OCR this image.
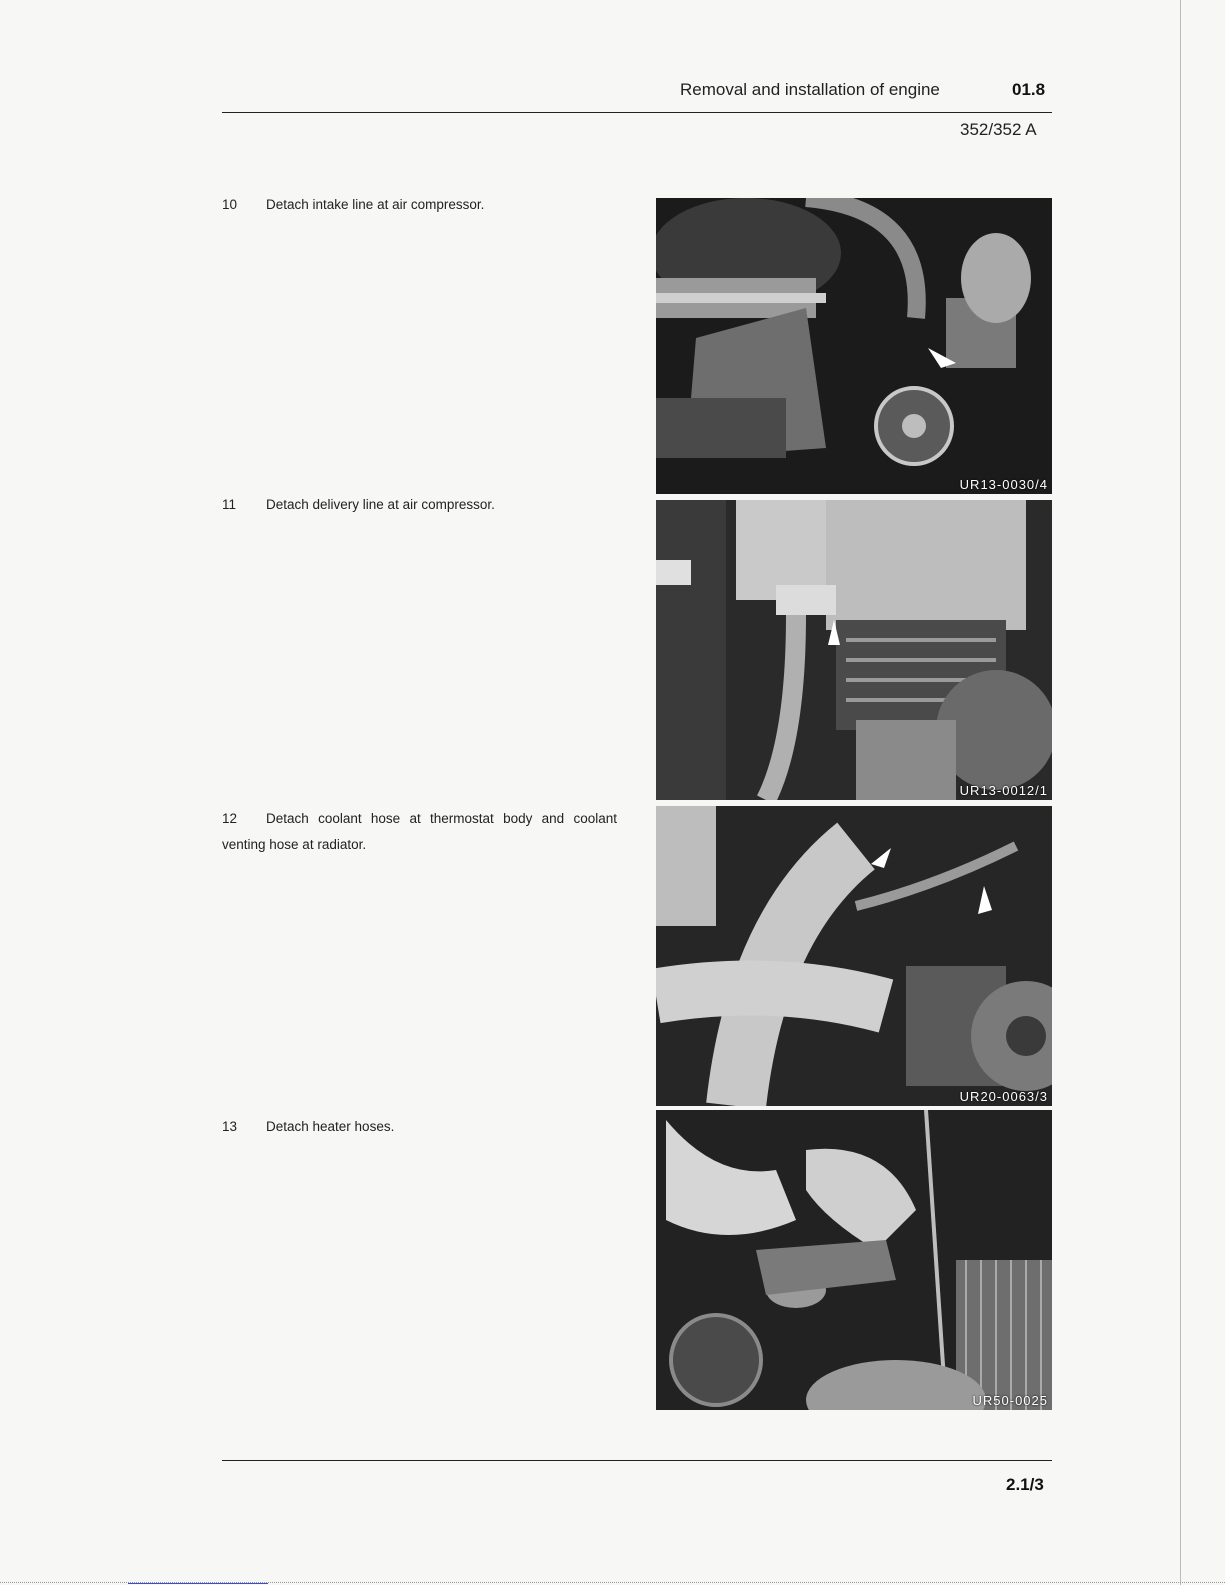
Removal and installation of engine	01.8
352/352 A
10 Detach intake line at air compressor.
UR13-0030/4
11 Detach delivery line at air compressor.
UR13-0012/1
12 Detach coolant hose at thermostat body and coolant venting hose at radiator.
UR20-0063/3
13 Detach heater hoses.
UR50-0025
2.1/3
